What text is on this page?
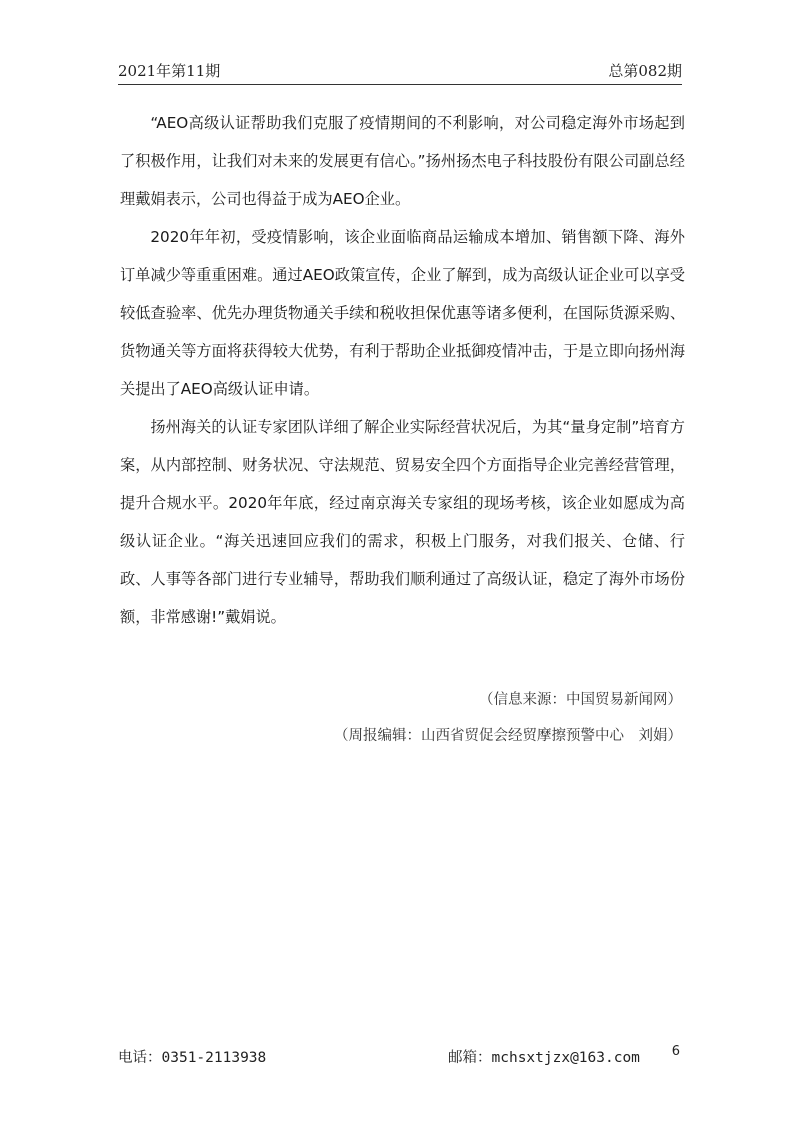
2021年第11期	总第082期

“AEO高级认证帮助我们克服了疫情期间的不利影响，对公司稳定海外市场起到了积极作用，让我们对未来的发展更有信心。”扬州扬杰电子科技股份有限公司副总经理戴娟表示，公司也得益于成为AEO企业。

2020年年初，受疫情影响，该企业面临商品运输成本增加、销售额下降、海外订单减少等重重困难。通过AEO政策宣传，企业了解到，成为高级认证企业可以享受较低查验率、优先办理货物通关手续和税收担保优惠等诸多便利，在国际货源采购、货物通关等方面将获得较大优势，有利于帮助企业抵御疫情冲击，于是立即向扬州海关提出了AEO高级认证申请。

扬州海关的认证专家团队详细了解企业实际经营状况后，为其“量身定制”培育方案，从内部控制、财务状况、守法规范、贸易安全四个方面指导企业完善经营管理，提升合规水平。2020年年底，经过南京海关专家组的现场考核，该企业如愿成为高级认证企业。“海关迅速回应我们的需求，积极上门服务，对我们报关、仓储、行政、人事等各部门进行专业辅导，帮助我们顺利通过了高级认证，稳定了海外市场份额，非常感谢!”戴娟说。

（信息来源：中国贸易新闻网）
（周报编辑：山西省贸促会经贸摩擦预警中心　刘娟）
电话：0351-2113938	邮箱：mchsxtjzx@163.com 6
